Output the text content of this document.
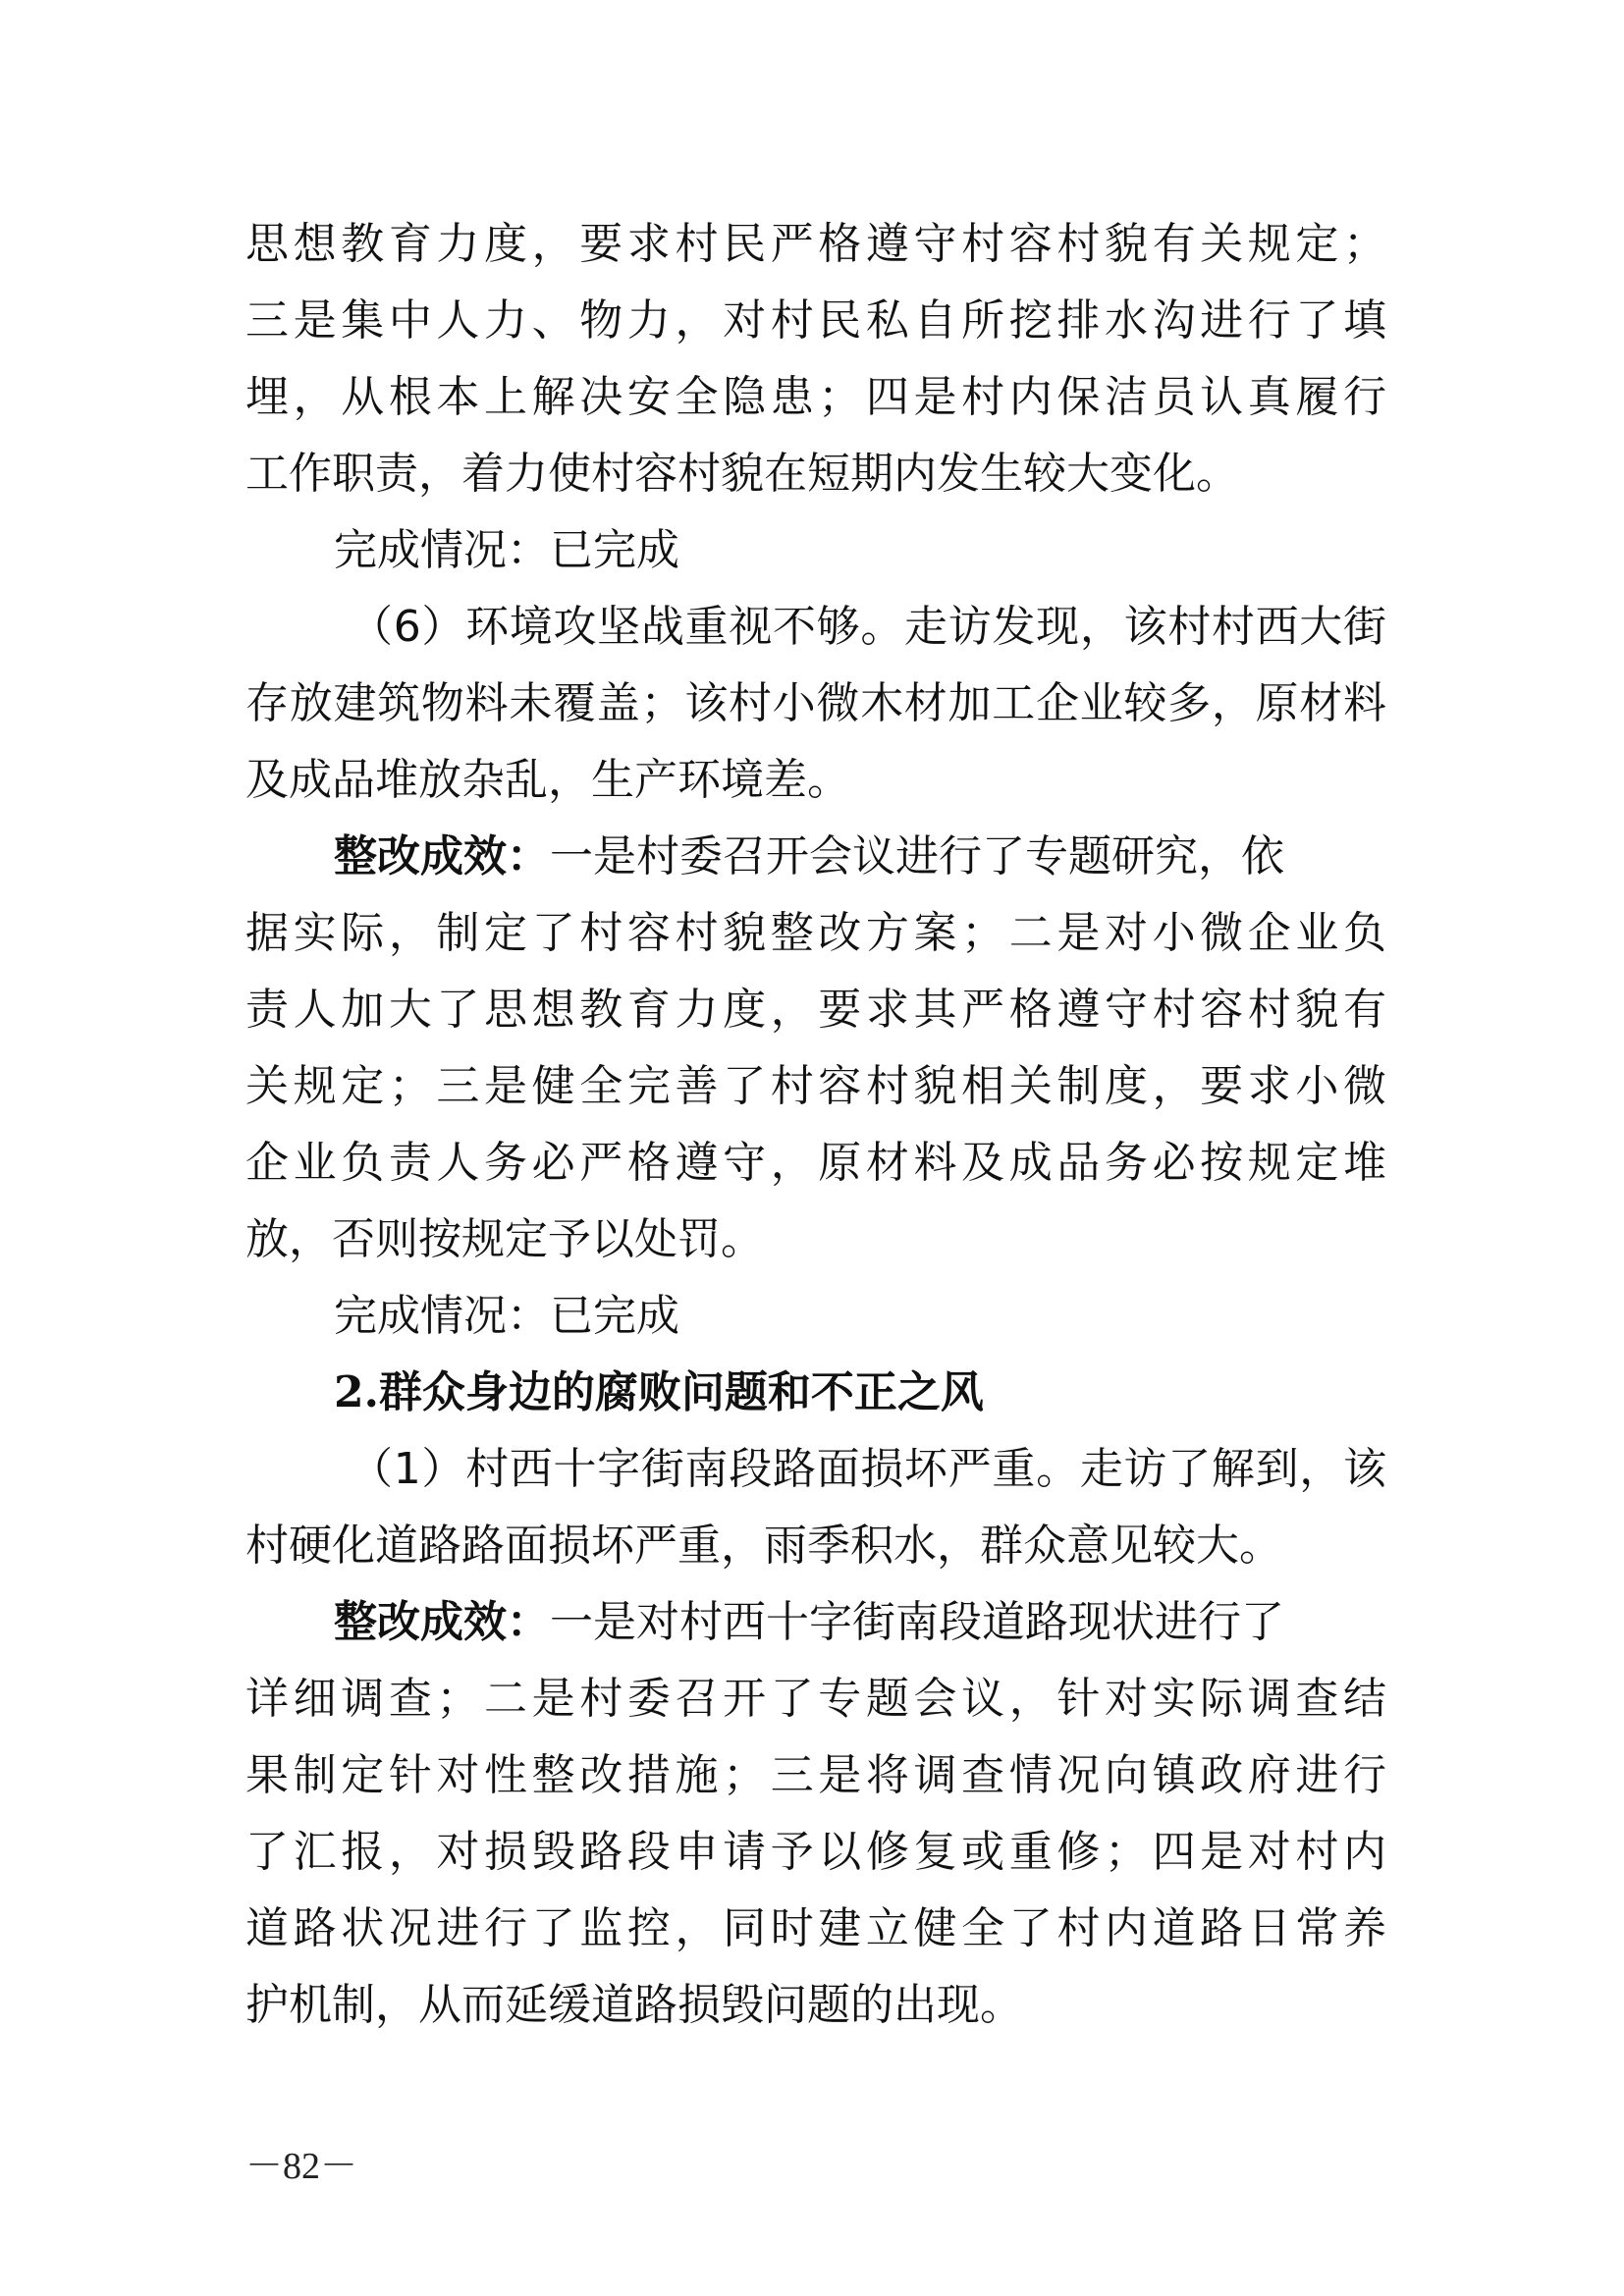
思想教育力度，要求村民严格遵守村容村貌有关规定；
三是集中人力、物力，对村民私自所挖排水沟进行了填
埋，从根本上解决安全隐患；四是村内保洁员认真履行
工作职责，着力使村容村貌在短期内发生较大变化。
完成情况：已完成
（6）环境攻坚战重视不够。走访发现，该村村西大街
存放建筑物料未覆盖；该村小微木材加工企业较多，原材料
及成品堆放杂乱，生产环境差。
整改成效：一是村委召开会议进行了专题研究，依
据实际，制定了村容村貌整改方案；二是对小微企业负
责人加大了思想教育力度，要求其严格遵守村容村貌有
关规定；三是健全完善了村容村貌相关制度，要求小微
企业负责人务必严格遵守，原材料及成品务必按规定堆
放，否则按规定予以处罚。
完成情况：已完成
2.群众身边的腐败问题和不正之风
（1）村西十字街南段路面损坏严重。走访了解到，该
村硬化道路路面损坏严重，雨季积水，群众意见较大。
整改成效：一是对村西十字街南段道路现状进行了
详细调查；二是村委召开了专题会议，针对实际调查结
果制定针对性整改措施；三是将调查情况向镇政府进行
了汇报，对损毁路段申请予以修复或重修；四是对村内
道路状况进行了监控，同时建立健全了村内道路日常养
护机制，从而延缓道路损毁问题的出现。
－82－
